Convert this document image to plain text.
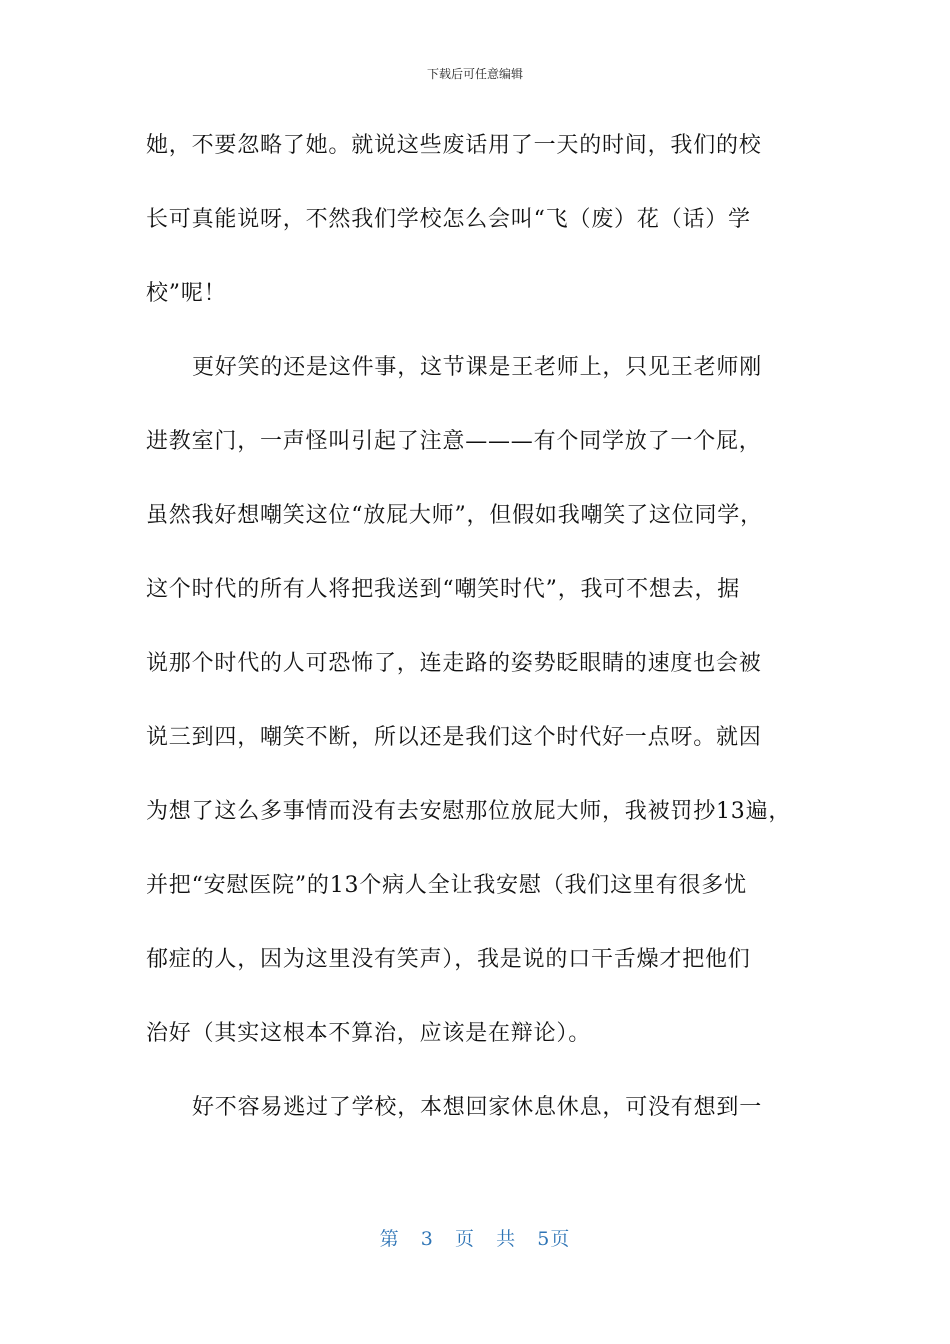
下载后可任意编辑
她，不要忽略了她。就说这些废话用了一天的时间，我们的校
长可真能说呀，不然我们学校怎么会叫“飞（废）花（话）学
校”呢！
更好笑的还是这件事，这节课是王老师上，只见王老师刚
进教室门，一声怪叫引起了注意———有个同学放了一个屁，
虽然我好想嘲笑这位“放屁大师”，但假如我嘲笑了这位同学，
这个时代的所有人将把我送到“嘲笑时代”，我可不想去，据
说那个时代的人可恐怖了，连走路的姿势眨眼睛的速度也会被
说三到四，嘲笑不断，所以还是我们这个时代好一点呀。就因
为想了这么多事情而没有去安慰那位放屁大师，我被罚抄13遍，
并把“安慰医院”的13个病人全让我安慰（我们这里有很多忧
郁症的人，因为这里没有笑声），我是说的口干舌燥才把他们
治好（其实这根本不算治，应该是在辩论）。
好不容易逃过了学校，本想回家休息休息，可没有想到一
第 3 页 共 5页
